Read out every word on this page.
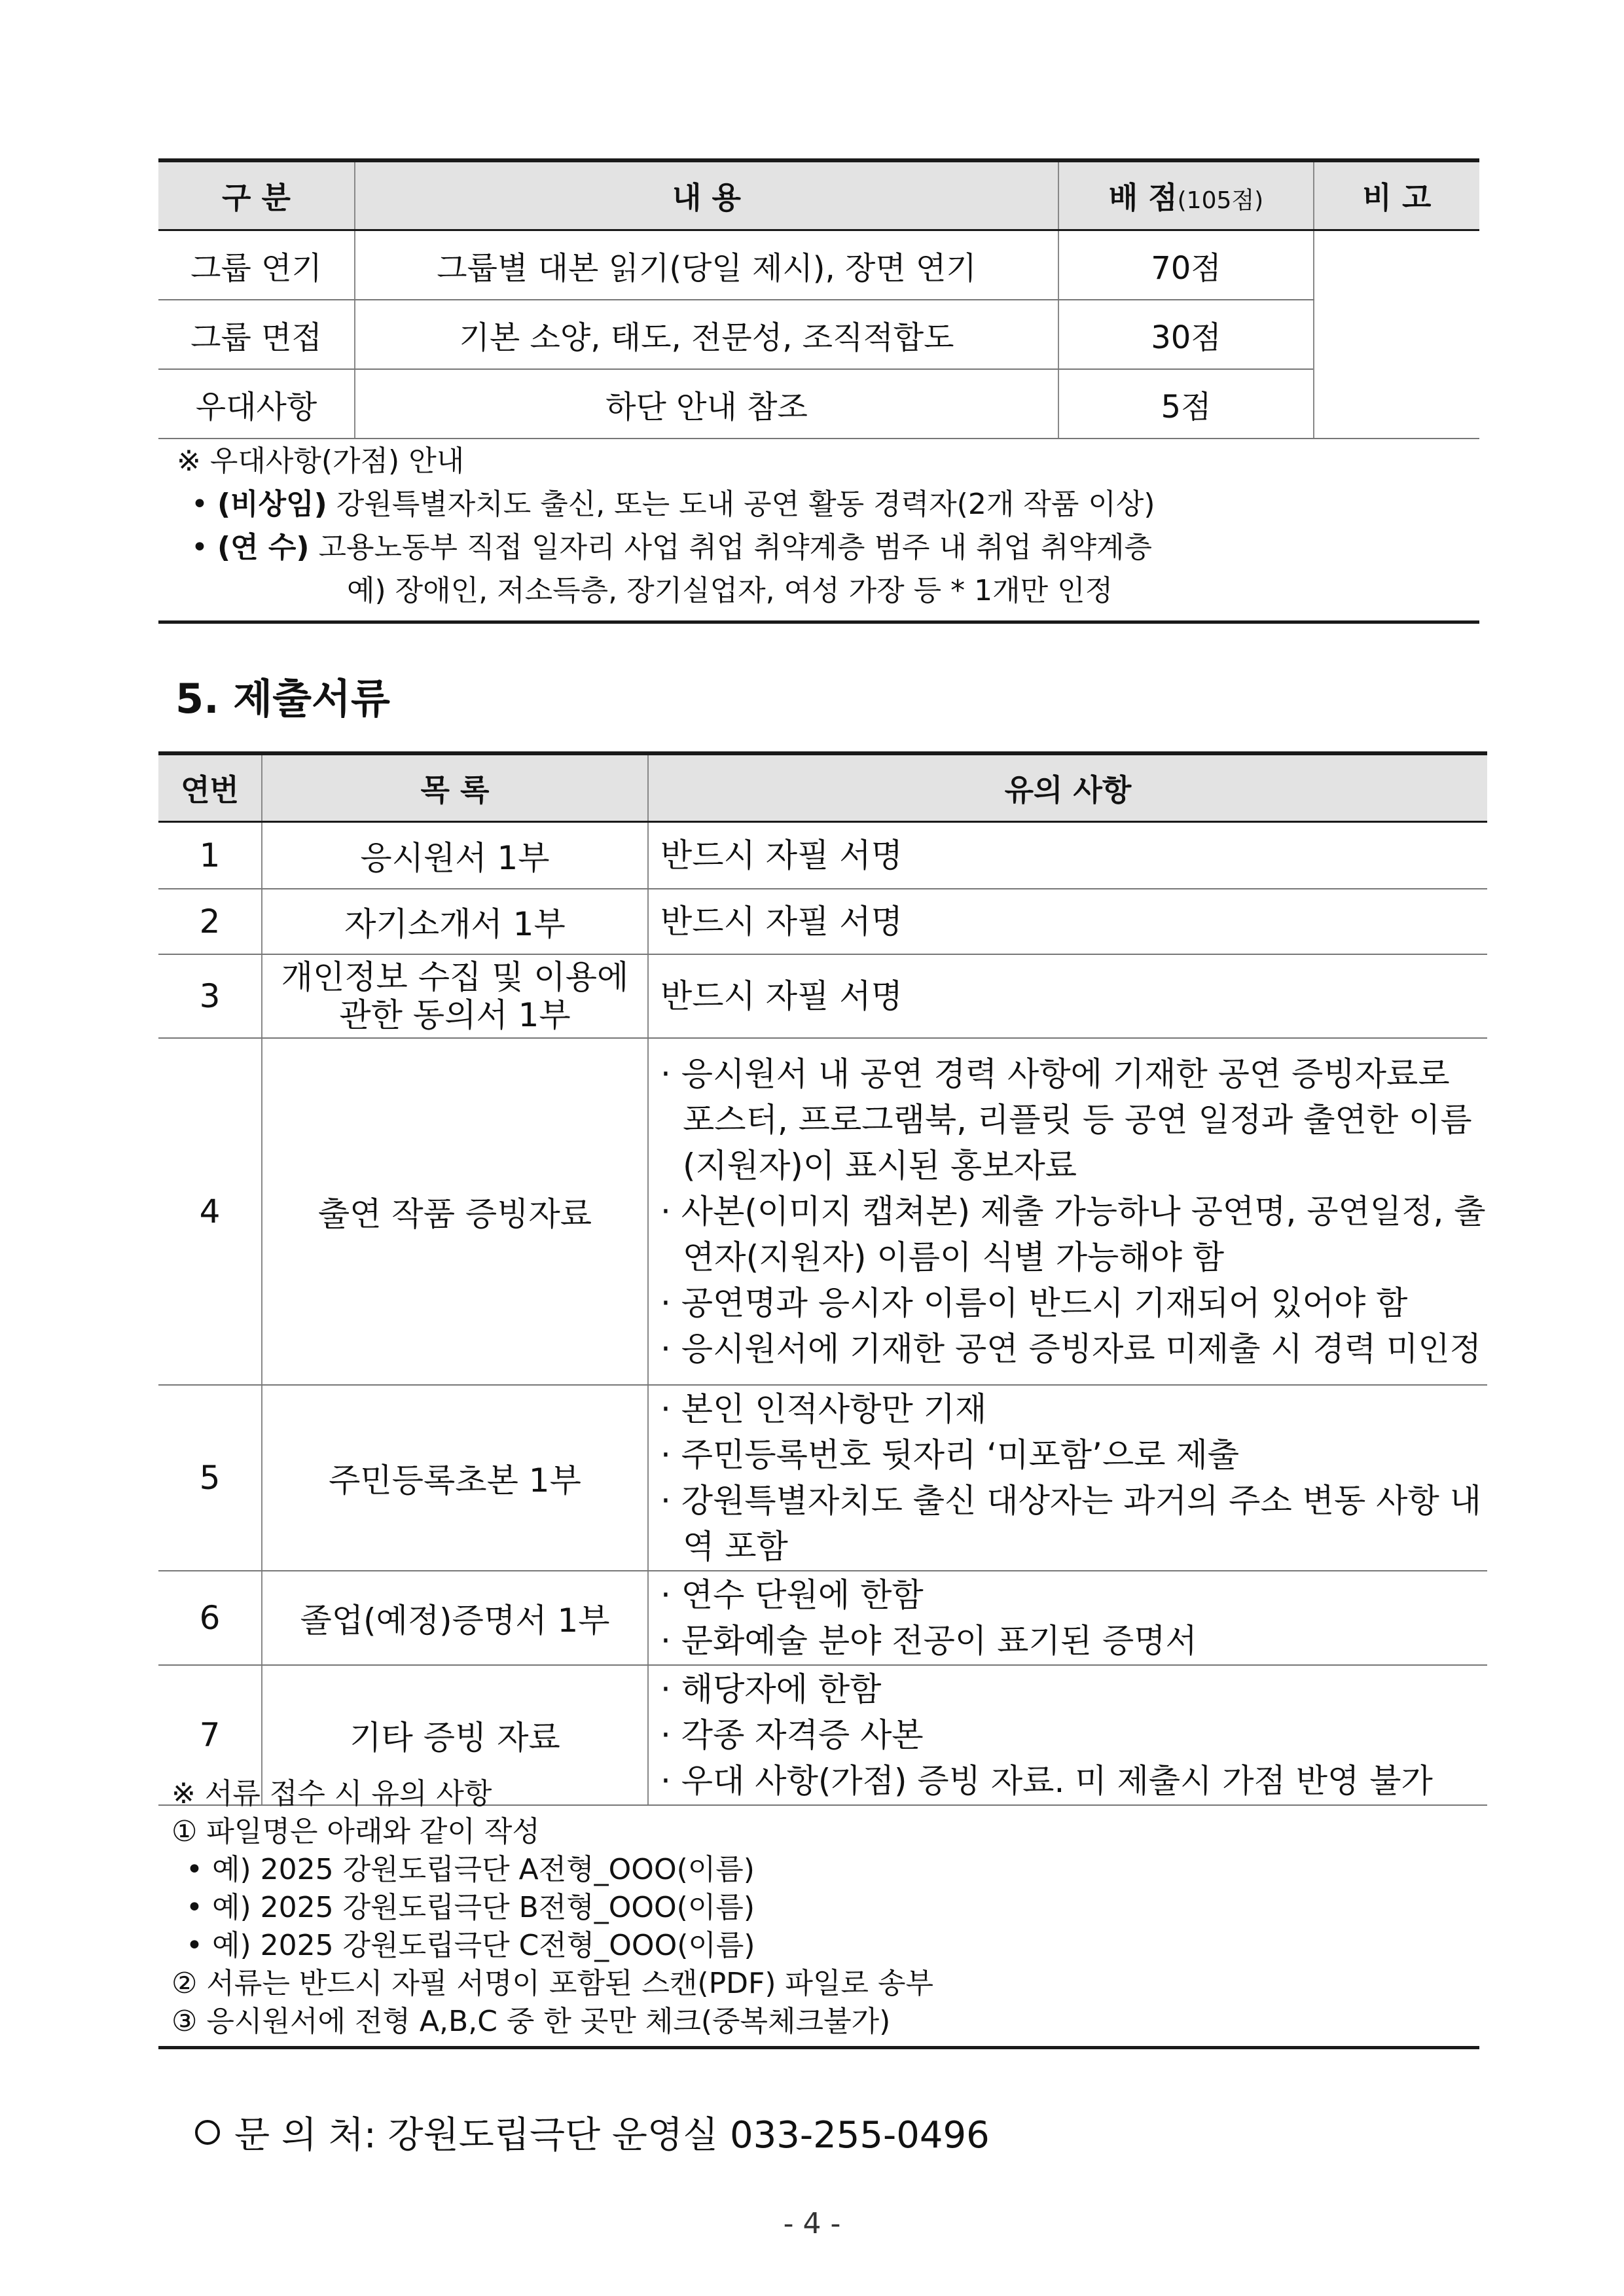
구 분	내 용	배 점(105점)	비 고
그룹 연기	그룹별 대본 읽기(당일 제시), 장면 연기	70점	
그룹 면접	기본 소양, 태도, 전문성, 조직적합도	30점	
우대사항	하단 안내 참조	5점	
※ 우대사항(가점) 안내
• (비상임) 강원특별자치도 출신, 또는 도내 공연 활동 경력자(2개 작품 이상)
• (연 수) 고용노동부 직접 일자리 사업 취업 취약계층 범주 내 취업 취약계층
예) 장애인, 저소득층, 장기실업자, 여성 가장 등 * 1개만 인정
5. 제출서류
연번	목 록	유의 사항
1	응시원서 1부	반드시 자필 서명
2	자기소개서 1부	반드시 자필 서명
3	개인정보 수집 및 이용에 관한 동의서 1부	반드시 자필 서명
4	출연 작품 증빙자료	· 응시원서 내 공연 경력 사항에 기재한 공연 증빙자료로 포스터, 프로그램북, 리플릿 등 공연 일정과 출연한 이름(지원자)이 표시된 홍보자료
· 사본(이미지 캡쳐본) 제출 가능하나 공연명, 공연일정, 출연자(지원자) 이름이 식별 가능해야 함
· 공연명과 응시자 이름이 반드시 기재되어 있어야 함
· 응시원서에 기재한 공연 증빙자료 미제출 시 경력 미인정

5	주민등록초본 1부	· 본인 인적사항만 기재
· 주민등록번호 뒷자리 ‘미포함’으로 제출
· 강원특별자치도 출신 대상자는 과거의 주소 변동 사항 내역 포함

6	졸업(예정)증명서 1부	· 연수 단원에 한함
· 문화예술 분야 전공이 표기된 증명서

7	기타 증빙 자료	· 해당자에 한함
· 각종 자격증 사본
· 우대 사항(가점) 증빙 자료. 미 제출시 가점 반영 불가
※ 서류 접수 시 유의 사항
① 파일명은 아래와 같이 작성
• 예) 2025 강원도립극단 A전형_OOO(이름)
• 예) 2025 강원도립극단 B전형_OOO(이름)
• 예) 2025 강원도립극단 C전형_OOO(이름)
② 서류는 반드시 자필 서명이 포함된 스캔(PDF) 파일로 송부
③ 응시원서에 전형 A,B,C 중 한 곳만 체크(중복체크불가)
문 의 처: 강원도립극단 운영실 033-255-0496
- 4 -
